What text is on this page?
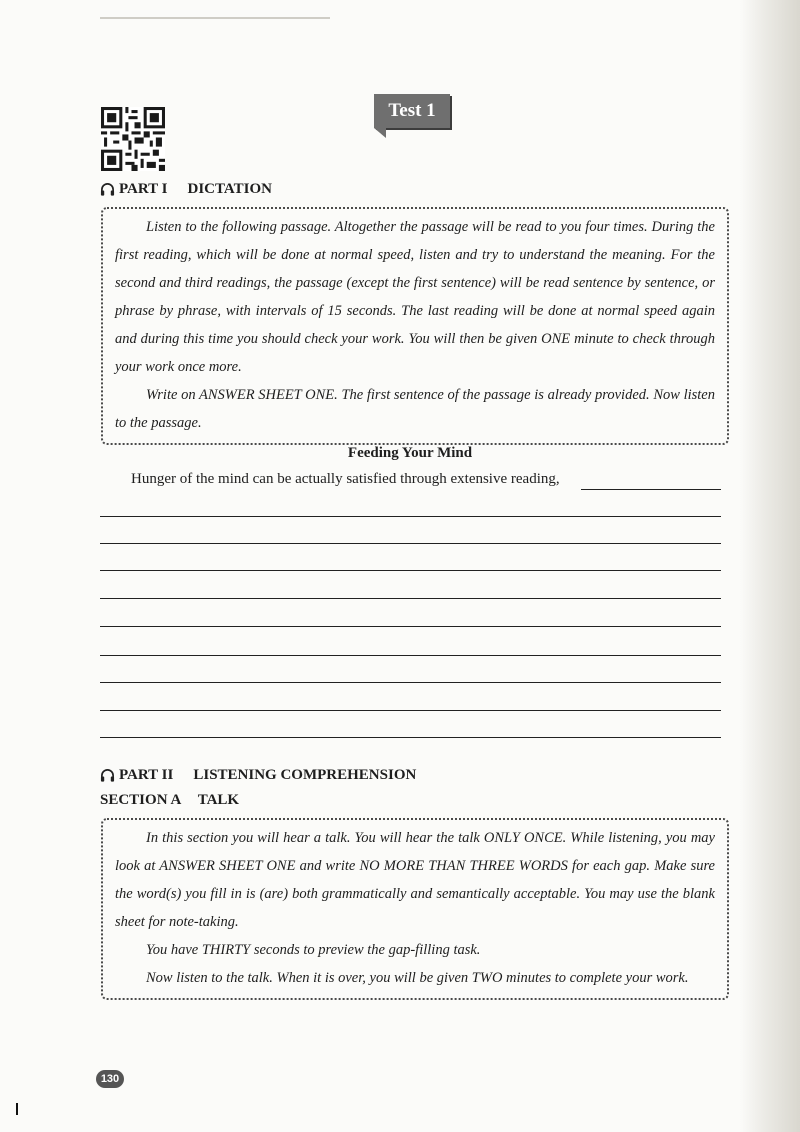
Test 1
PART I DICTATION

Listen to the following passage. Altogether the passage will be read to you four times. During the first reading, which will be done at normal speed, listen and try to understand the meaning. For the second and third readings, the passage (except the first sentence) will be read sentence by sentence, or phrase by phrase, with intervals of 15 seconds. The last reading will be done at normal speed again and during this time you should check your work. You will then be given ONE minute to check through your work once more.

Write on ANSWER SHEET ONE. The first sentence of the passage is already provided. Now listen to the passage.

Feeding Your Mind
Hunger of the mind can be actually satisfied through extensive reading,
PART II LISTENING COMPREHENSION
SECTION A TALK

In this section you will hear a talk. You will hear the talk ONLY ONCE. While listening, you may look at ANSWER SHEET ONE and write NO MORE THAN THREE WORDS for each gap. Make sure the word(s) you fill in is (are) both grammatically and semantically acceptable. You may use the blank sheet for note-taking.

You have THIRTY seconds to preview the gap-filling task.

Now listen to the talk. When it is over, you will be given TWO minutes to complete your work.

130
